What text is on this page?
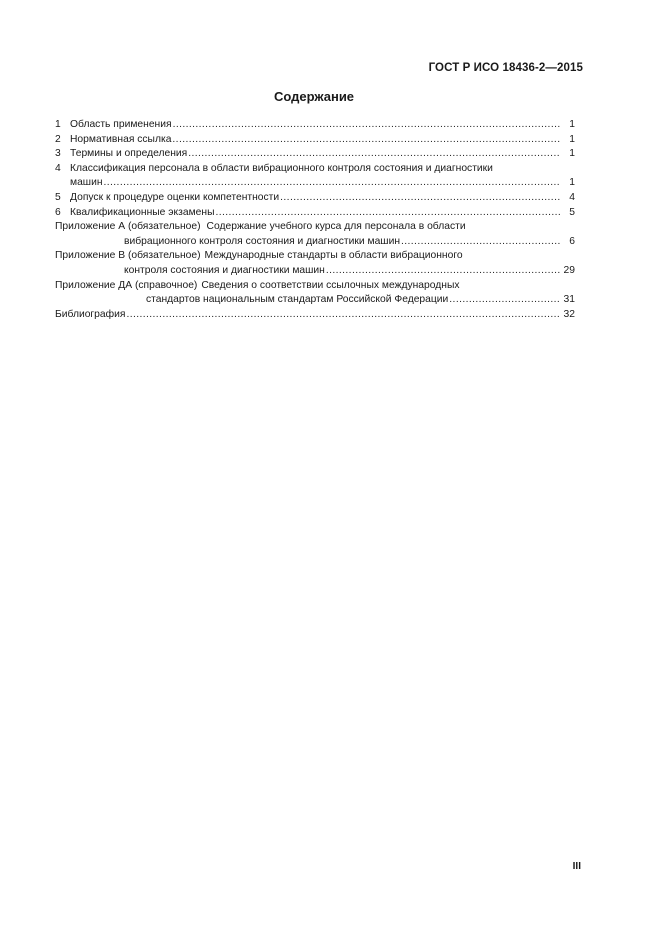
ГОСТ Р ИСО 18436-2—2015
Содержание
1 Область применения .....	1
2 Нормативная ссылка .....	1
3 Термины и определения .....	1
4 Классификация персонала в области вибрационного контроля состояния и диагностики
машин .....	1
5 Допуск к процедуре оценки компетентности .....	4
6 Квалификационные экзамены .....	5
Приложение А (обязательное) Содержание учебного курса для персонала в области
вибрационного контроля состояния и диагностики машин .....	6
Приложение В (обязательное) Международные стандарты в области вибрационного
контроля состояния и диагностики машин .....	29
Приложение ДА (справочное) Сведения о соответствии ссылочных международных
стандартов национальным стандартам Российской Федерации .....	31
Библиография .....	32
III
